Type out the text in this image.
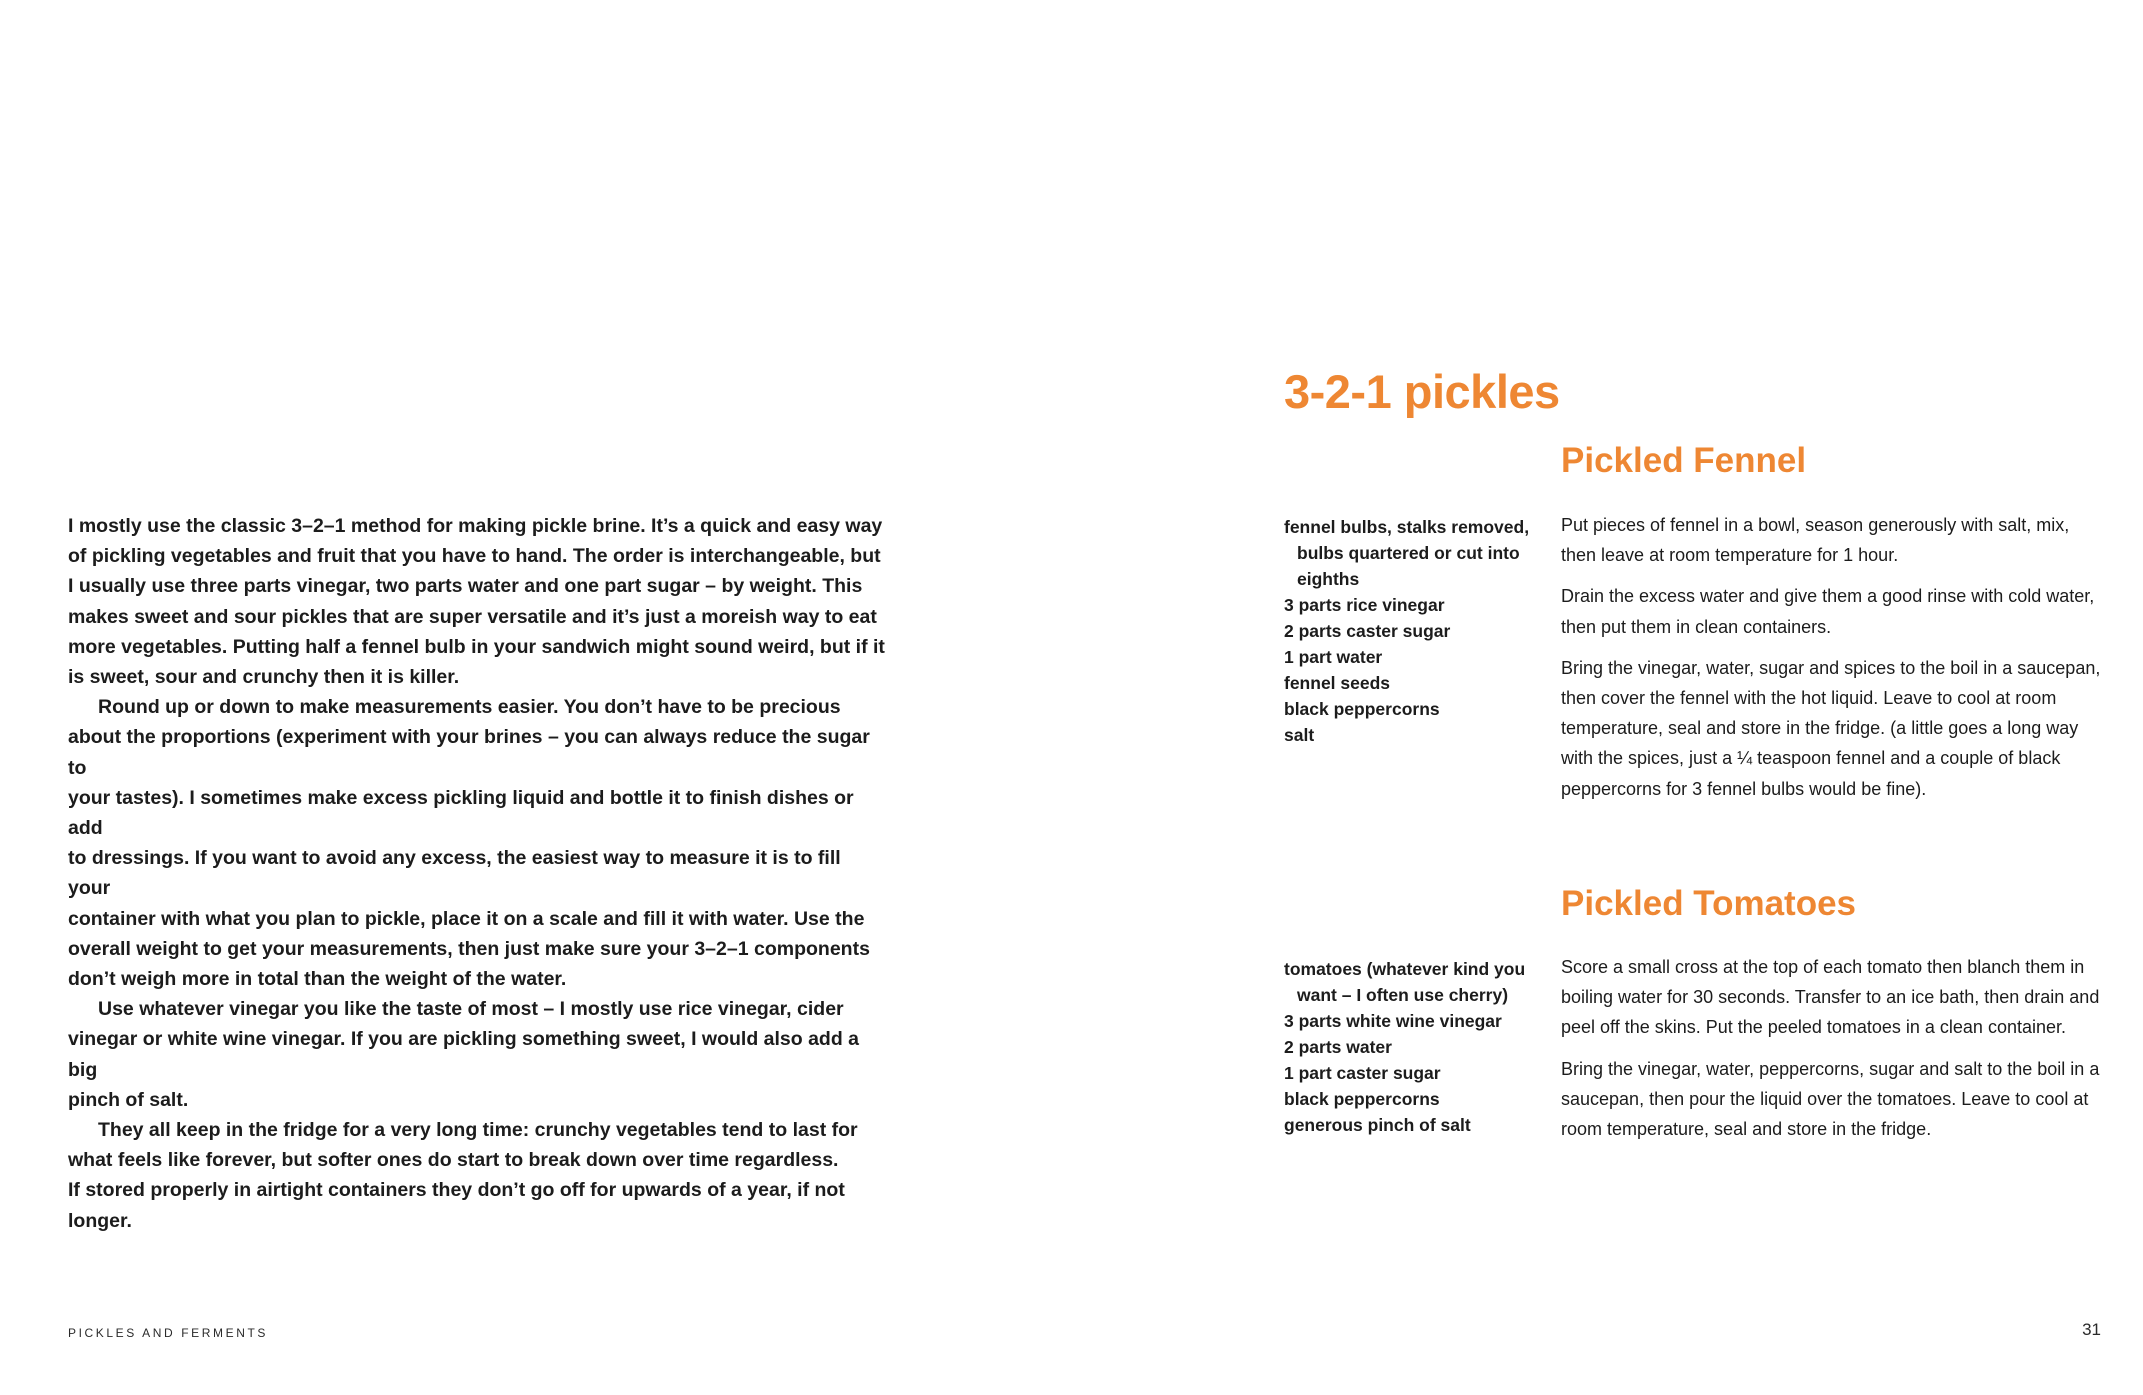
I mostly use the classic 3–2–1 method for making pickle brine. It’s a quick and easy way
of pickling vegetables and fruit that you have to hand. The order is interchangeable, but
I usually use three parts vinegar, two parts water and one part sugar – by weight. This
makes sweet and sour pickles that are super versatile and it’s just a moreish way to eat
more vegetables. Putting half a fennel bulb in your sandwich might sound weird, but if it
is sweet, sour and crunchy then it is killer.

Round up or down to make measurements easier. You don’t have to be precious
about the proportions (experiment with your brines – you can always reduce the sugar to
your tastes). I sometimes make excess pickling liquid and bottle it to finish dishes or add
to dressings. If you want to avoid any excess, the easiest way to measure it is to fill your
container with what you plan to pickle, place it on a scale and fill it with water. Use the
overall weight to get your measurements, then just make sure your 3–2–1 components
don’t weigh more in total than the weight of the water.

Use whatever vinegar you like the taste of most – I mostly use rice vinegar, cider
vinegar or white wine vinegar. If you are pickling something sweet, I would also add a big
pinch of salt.

They all keep in the fridge for a very long time: crunchy vegetables tend to last for
what feels like forever, but softer ones do start to break down over time regardless.
If stored properly in airtight containers they don’t go off for upwards of a year, if not
longer.

PICKLES AND FERMENTS
3-2-1 pickles
Pickled Fennel
fennel bulbs, stalks removed,
bulbs quartered or cut into
eighths
3 parts rice vinegar
2 parts caster sugar
1 part water
fennel seeds
black peppercorns
salt

Put pieces of fennel in a bowl, season generously with salt, mix, then leave at room temperature for 1 hour.

Drain the excess water and give them a good rinse with cold water, then put them in clean containers.

Bring the vinegar, water, sugar and spices to the boil in a saucepan, then cover the fennel with the hot liquid. Leave to cool at room temperature, seal and store in the fridge. (a little goes a long way with the spices, just a ¼ teaspoon fennel and a couple of black peppercorns for 3 fennel bulbs would be fine).

Pickled Tomatoes
tomatoes (whatever kind you
want – I often use cherry)
3 parts white wine vinegar
2 parts water
1 part caster sugar
black peppercorns
generous pinch of salt

Score a small cross at the top of each tomato then blanch them in boiling water for 30 seconds. Transfer to an ice bath, then drain and peel off the skins. Put the peeled tomatoes in a clean container.

Bring the vinegar, water, peppercorns, sugar and salt to the boil in a saucepan, then pour the liquid over the tomatoes. Leave to cool at room temperature, seal and store in the fridge.

31
